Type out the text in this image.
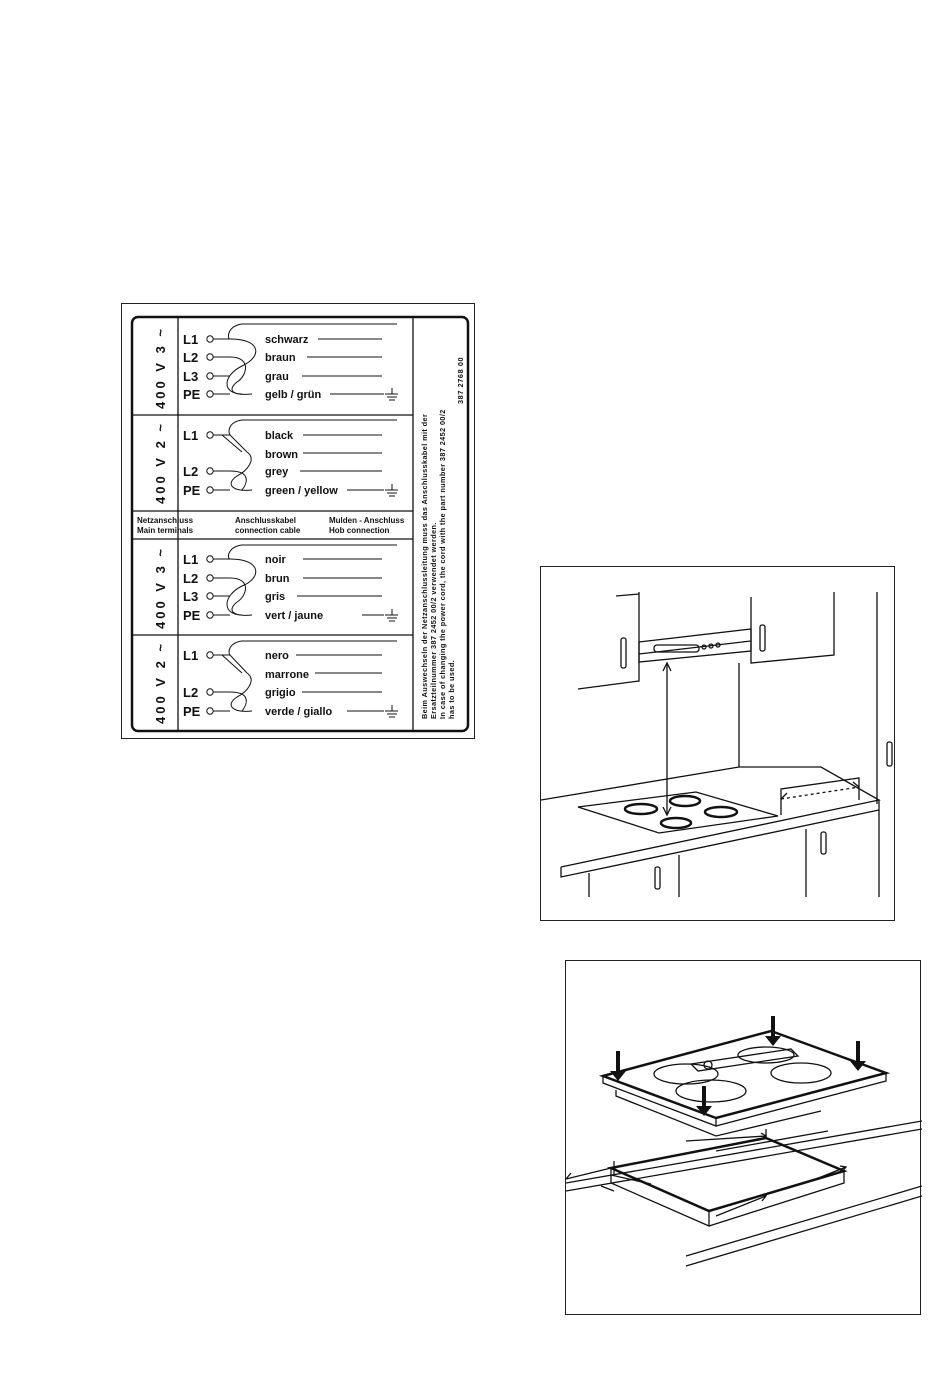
400 V 3 ~ L1
L2
L3
PE
schwarz
braun
grau
gelb / grün
400 V 2 ~ L1
L2
PE
black
brown
grey
green / yellow
Netzanschluss
Main terminals
Anschlusskabel
connection cable
Mulden - Anschluss
Hob connection
400 V 3 ~ L1
L2
L3
PE
noir
brun
gris
vert / jaune
400 V 2 ~ L1
L2
PE
nero
marrone
grigio
verde / giallo	Beim Auswechseln der Netzanschlussleitung muss das Anschlusskabel mit der Ersatzteilnummer 387 2452 00/2 verwendet werden. In case of changing the power cord, the cord with the part number 387 2452 00/2 has to be used.
387 2768 00
